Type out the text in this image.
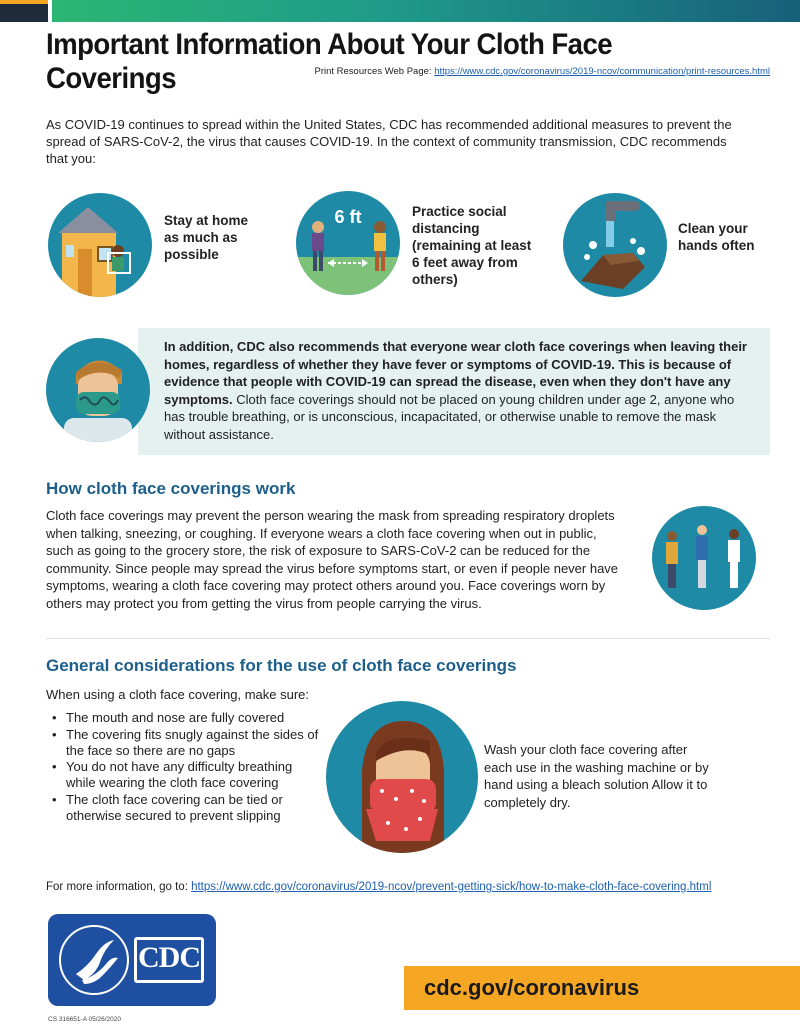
Important Information About Your Cloth Face Coverings	Print Resources Web Page: https://www.cdc.gov/coronavirus/2019-ncov/communication/print-resources.html

As COVID-19 continues to spread within the United States, CDC has recommended additional measures to prevent the spread of SARS-CoV-2, the virus that causes COVID-19. In the context of community transmission, CDC recommends that you:

Stay at home as much as possible
6 ft	Practice social distancing (remaining at least 6 feet away from others)
Clean your hands often
In addition, CDC also recommends that everyone wear cloth face coverings when leaving their homes, regardless of whether they have fever or symptoms of COVID-19. This is because of evidence that people with COVID-19 can spread the disease, even when they don't have any symptoms. Cloth face coverings should not be placed on young children under age 2, anyone who has trouble breathing, or is unconscious, incapacitated, or otherwise unable to remove the mask without assistance.
How cloth face coverings work

Cloth face coverings may prevent the person wearing the mask from spreading respiratory droplets when talking, sneezing, or coughing. If everyone wears a cloth face covering when out in public, such as going to the grocery store, the risk of exposure to SARS-CoV-2 can be reduced for the community. Since people may spread the virus before symptoms start, or even if people never have symptoms, wearing a cloth face covering may protect others around you. Face coverings worn by others may protect you from getting the virus from people carrying the virus.

General considerations for the use of cloth face coverings

When using a cloth face covering, make sure:

• The mouth and nose are fully covered
• The covering fits snugly against the sides of the face so there are no gaps
• You do not have any difficulty breathing while wearing the cloth face covering
• The cloth face covering can be tied or otherwise secured to prevent slipping

Wash your cloth face covering after each use in the washing machine or by hand using a bleach solution Allow it to completely dry.

For more information, go to: https://www.cdc.gov/coronavirus/2019-ncov/prevent-getting-sick/how-to-make-cloth-face-covering.html
CDC
cdc.gov/coronavirus
CS 316651-A 05/26/2020
